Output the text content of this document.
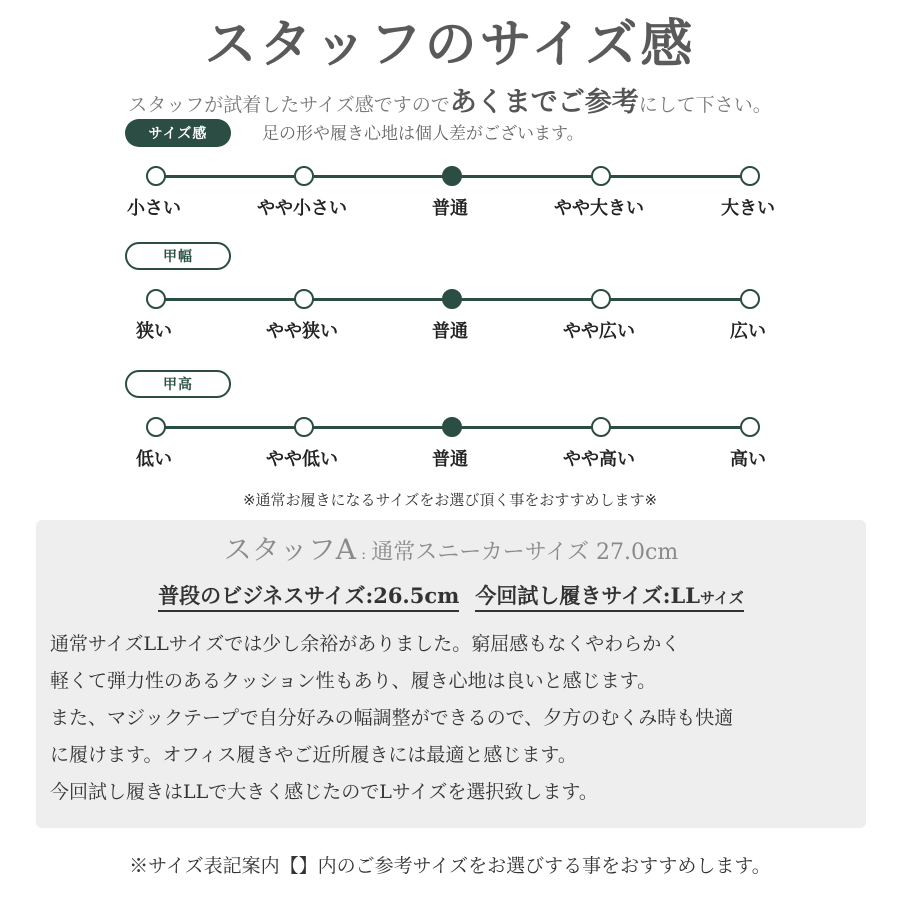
スタッフのサイズ感
スタッフが試着したサイズ感ですのであくまでご参考にして下さい。
足の形や履き心地は個人差がございます。
サイズ感
小さい	やや小さい	普通	やや大きい	大きい
甲幅
狭い	やや狭い	普通	やや広い	広い
甲高
低い	やや低い	普通	やや高い	高い
※通常お履きになるサイズをお選び頂く事をおすすめします※
スタッフA : 通常スニーカーサイズ 27.0cm
普段のビジネスサイズ:26.5cm 今回試し履きサイズ:LLサイズ
通常サイズLLサイズでは少し余裕がありました。窮屈感もなくやわらかく
軽くて弾力性のあるクッション性もあり、履き心地は良いと感じます。
また、マジックテープで自分好みの幅調整ができるので、夕方のむくみ時も快適
に履けます。オフィス履きやご近所履きには最適と感じます。
今回試し履きはLLで大きく感じたのでLサイズを選択致します。
※サイズ表記案内【】内のご参考サイズをお選びする事をおすすめします。
